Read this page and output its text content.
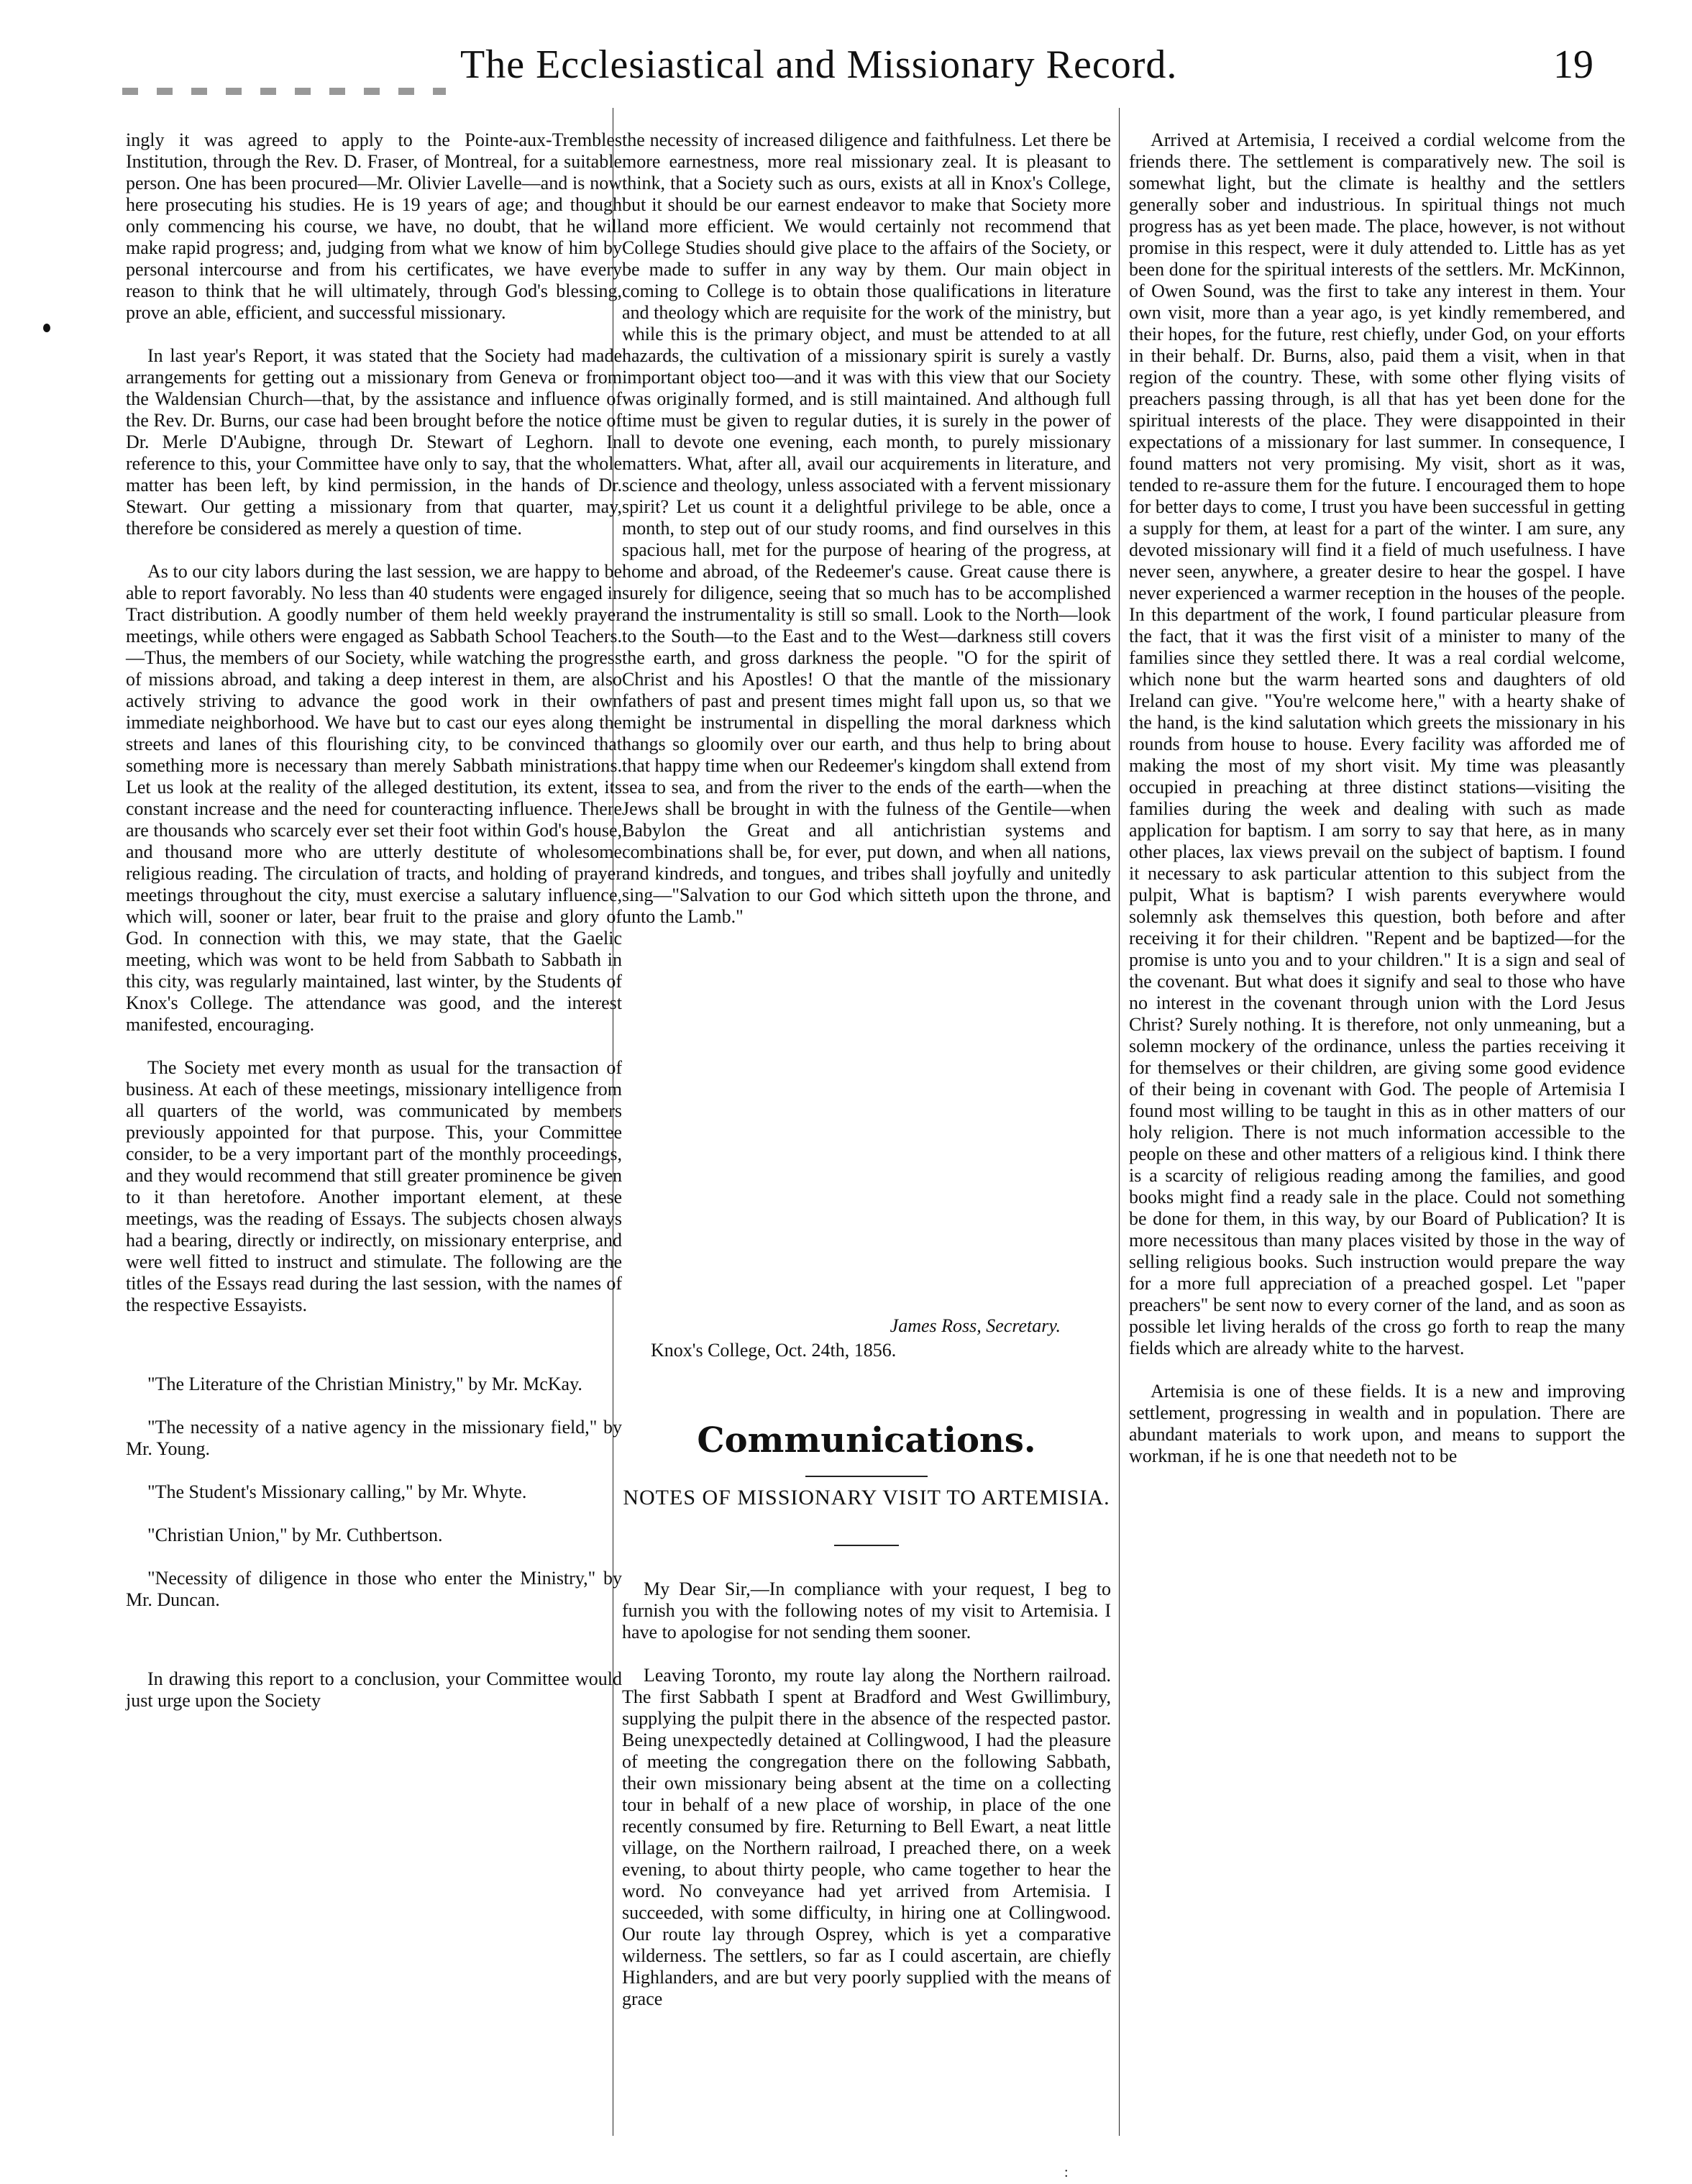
The Ecclesiastical and Missionary Record.	19

ingly it was agreed to apply to the Pointe-aux-Trembles Institution, through the Rev. D. Fraser, of Montreal, for a suitable person. One has been procured—Mr. Olivier Lavelle—and is now here prosecuting his studies. He is 19 years of age; and though only commencing his course, we have, no doubt, that he will make rapid progress; and, judging from what we know of him by personal intercourse and from his certificates, we have every reason to think that he will ultimately, through God's blessing, prove an able, efficient, and successful missionary.

In last year's Report, it was stated that the Society had made arrangements for getting out a missionary from Geneva or from the Waldensian Church—that, by the assistance and influence of the Rev. Dr. Burns, our case had been brought before the notice of Dr. Merle D'Aubigne, through Dr. Stewart of Leghorn. In reference to this, your Committee have only to say, that the whole matter has been left, by kind permission, in the hands of Dr. Stewart. Our getting a missionary from that quarter, may, therefore be considered as merely a question of time.

As to our city labors during the last session, we are happy to be able to report favorably. No less than 40 students were engaged in Tract distribution. A goodly number of them held weekly prayer meetings, while others were engaged as Sabbath School Teachers.—Thus, the members of our Society, while watching the progress of missions abroad, and taking a deep interest in them, are also actively striving to advance the good work in their own immediate neighborhood. We have but to cast our eyes along the streets and lanes of this flourishing city, to be convinced that something more is necessary than merely Sabbath ministrations. Let us look at the reality of the alleged destitution, its extent, its constant increase and the need for counteracting influence. There are thousands who scarcely ever set their foot within God's house, and thousand more who are utterly destitute of wholesome religious reading. The circulation of tracts, and holding of prayer meetings throughout the city, must exercise a salutary influence, which will, sooner or later, bear fruit to the praise and glory of God. In connection with this, we may state, that the Gaelic meeting, which was wont to be held from Sabbath to Sabbath in this city, was regularly maintained, last winter, by the Students of Knox's College. The attendance was good, and the interest manifested, encouraging.

The Society met every month as usual for the transaction of business. At each of these meetings, missionary intelligence from all quarters of the world, was communicated by members previously appointed for that purpose. This, your Committee consider, to be a very important part of the monthly proceedings, and they would recommend that still greater prominence be given to it than heretofore. Another important element, at these meetings, was the reading of Essays. The subjects chosen always had a bearing, directly or indirectly, on missionary enterprise, and were well fitted to instruct and stimulate. The following are the titles of the Essays read during the last session, with the names of the respective Essayists.

"The Literature of the Christian Ministry," by Mr. McKay.

"The necessity of a native agency in the missionary field," by Mr. Young.

"The Student's Missionary calling," by Mr. Whyte.

"Christian Union," by Mr. Cuthbertson.

"Necessity of diligence in those who enter the Ministry," by Mr. Duncan.

In drawing this report to a conclusion, your Committee would just urge upon the Society

the necessity of increased diligence and faithfulness. Let there be more earnestness, more real missionary zeal. It is pleasant to think, that a Society such as ours, exists at all in Knox's College, but it should be our earnest endeavor to make that Society more and more efficient. We would certainly not recommend that College Studies should give place to the affairs of the Society, or be made to suffer in any way by them. Our main object in coming to College is to obtain those qualifications in literature and theology which are requisite for the work of the ministry, but while this is the primary object, and must be attended to at all hazards, the cultivation of a missionary spirit is surely a vastly important object too—and it was with this view that our Society was originally formed, and is still maintained. And although full time must be given to regular duties, it is surely in the power of all to devote one evening, each month, to purely missionary matters. What, after all, avail our acquirements in literature, and science and theology, unless associated with a fervent missionary spirit? Let us count it a delightful privilege to be able, once a month, to step out of our study rooms, and find ourselves in this spacious hall, met for the purpose of hearing of the progress, at home and abroad, of the Redeemer's cause. Great cause there is surely for diligence, seeing that so much has to be accomplished and the instrumentality is still so small. Look to the North—look to the South—to the East and to the West—darkness still covers the earth, and gross darkness the people. "O for the spirit of Christ and his Apostles! O that the mantle of the missionary fathers of past and present times might fall upon us, so that we might be instrumental in dispelling the moral darkness which hangs so gloomily over our earth, and thus help to bring about that happy time when our Redeemer's kingdom shall extend from sea to sea, and from the river to the ends of the earth—when the Jews shall be brought in with the fulness of the Gentile—when Babylon the Great and all antichristian systems and combinations shall be, for ever, put down, and when all nations, and kindreds, and tongues, and tribes shall joyfully and unitedly sing—"Salvation to our God which sitteth upon the throne, and unto the Lamb."

James Ross, Secretary.
Knox's College, Oct. 24th, 1856.
Communications.
NOTES OF MISSIONARY VISIT TO ARTEMISIA.

My Dear Sir,—In compliance with your request, I beg to furnish you with the following notes of my visit to Artemisia. I have to apologise for not sending them sooner.

Leaving Toronto, my route lay along the Northern railroad. The first Sabbath I spent at Bradford and West Gwillimbury, supplying the pulpit there in the absence of the respected pastor. Being unexpectedly detained at Collingwood, I had the pleasure of meeting the congregation there on the following Sabbath, their own missionary being absent at the time on a collecting tour in behalf of a new place of worship, in place of the one recently consumed by fire. Returning to Bell Ewart, a neat little village, on the Northern railroad, I preached there, on a week evening, to about thirty people, who came together to hear the word. No conveyance had yet arrived from Artemisia. I succeeded, with some difficulty, in hiring one at Collingwood. Our route lay through Osprey, which is yet a comparative wilderness. The settlers, so far as I could ascertain, are chiefly Highlanders, and are but very poorly supplied with the means of grace

Arrived at Artemisia, I received a cordial welcome from the friends there. The settlement is comparatively new. The soil is somewhat light, but the climate is healthy and the settlers generally sober and industrious. In spiritual things not much progress has as yet been made. The place, however, is not without promise in this respect, were it duly attended to. Little has as yet been done for the spiritual interests of the settlers. Mr. McKinnon, of Owen Sound, was the first to take any interest in them. Your own visit, more than a year ago, is yet kindly remembered, and their hopes, for the future, rest chiefly, under God, on your efforts in their behalf. Dr. Burns, also, paid them a visit, when in that region of the country. These, with some other flying visits of preachers passing through, is all that has yet been done for the spiritual interests of the place. They were disappointed in their expectations of a missionary for last summer. In consequence, I found matters not very promising. My visit, short as it was, tended to re-assure them for the future. I encouraged them to hope for better days to come, I trust you have been successful in getting a supply for them, at least for a part of the winter. I am sure, any devoted missionary will find it a field of much usefulness. I have never seen, anywhere, a greater desire to hear the gospel. I have never experienced a warmer reception in the houses of the people. In this department of the work, I found particular pleasure from the fact, that it was the first visit of a minister to many of the families since they settled there. It was a real cordial welcome, which none but the warm hearted sons and daughters of old Ireland can give. "You're welcome here," with a hearty shake of the hand, is the kind salutation which greets the missionary in his rounds from house to house. Every facility was afforded me of making the most of my short visit. My time was pleasantly occupied in preaching at three distinct stations—visiting the families during the week and dealing with such as made application for baptism. I am sorry to say that here, as in many other places, lax views prevail on the subject of baptism. I found it necessary to ask particular attention to this subject from the pulpit, What is baptism? I wish parents everywhere would solemnly ask themselves this question, both before and after receiving it for their children. "Repent and be baptized—for the promise is unto you and to your children." It is a sign and seal of the covenant. But what does it signify and seal to those who have no interest in the covenant through union with the Lord Jesus Christ? Surely nothing. It is therefore, not only unmeaning, but a solemn mockery of the ordinance, unless the parties receiving it for themselves or their children, are giving some good evidence of their being in covenant with God. The people of Artemisia I found most willing to be taught in this as in other matters of our holy religion. There is not much information accessible to the people on these and other matters of a religious kind. I think there is a scarcity of religious reading among the families, and good books might find a ready sale in the place. Could not something be done for them, in this way, by our Board of Publication? It is more necessitous than many places visited by those in the way of selling religious books. Such instruction would prepare the way for a more full appreciation of a preached gospel. Let "paper preachers" be sent now to every corner of the land, and as soon as possible let living heralds of the cross go forth to reap the many fields which are already white to the harvest.

Artemisia is one of these fields. It is a new and improving settlement, progressing in wealth and in population. There are abundant materials to work upon, and means to support the workman, if he is one that needeth not to be

:
